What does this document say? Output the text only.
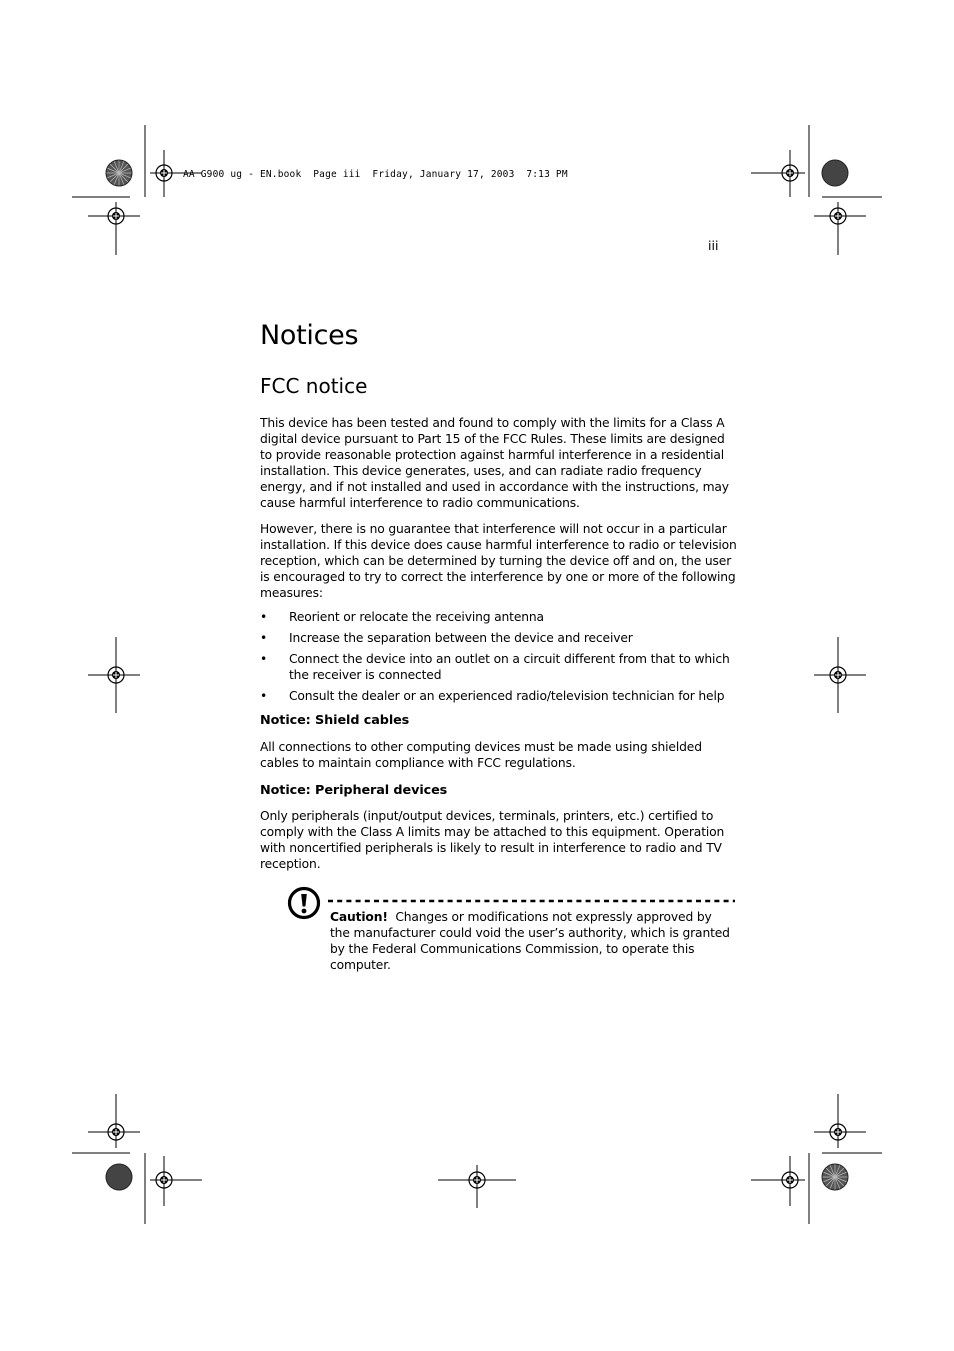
AA G900 ug - EN.book  Page iii  Friday, January 17, 2003  7:13 PM
iii
Notices
FCC notice

This device has been tested and found to comply with the limits for a Class A digital device pursuant to Part 15 of the FCC Rules. These limits are designed to provide reasonable protection against harmful interference in a residential installation. This device generates, uses, and can radiate radio frequency energy, and if not installed and used in accordance with the instructions, may cause harmful interference to radio communications.

However, there is no guarantee that interference will not occur in a particular installation. If this device does cause harmful interference to radio or television reception, which can be determined by turning the device off and on, the user is encouraged to try to correct the interference by one or more of the following measures:

• Reorient or relocate the receiving antenna
• Increase the separation between the device and receiver
• Connect the device into an outlet on a circuit different from that to which the receiver is connected
• Consult the dealer or an experienced radio/television technician for help
Notice: Shield cables

All connections to other computing devices must be made using shielded cables to maintain compliance with FCC regulations.

Notice: Peripheral devices

Only peripherals (input/output devices, terminals, printers, etc.) certified to comply with the Class A limits may be attached to this equipment. Operation with noncertified peripherals is likely to result in interference to radio and TV reception.

Caution! Changes or modifications not expressly approved by the manufacturer could void the user’s authority, which is granted by the Federal Communications Commission, to operate this computer.
